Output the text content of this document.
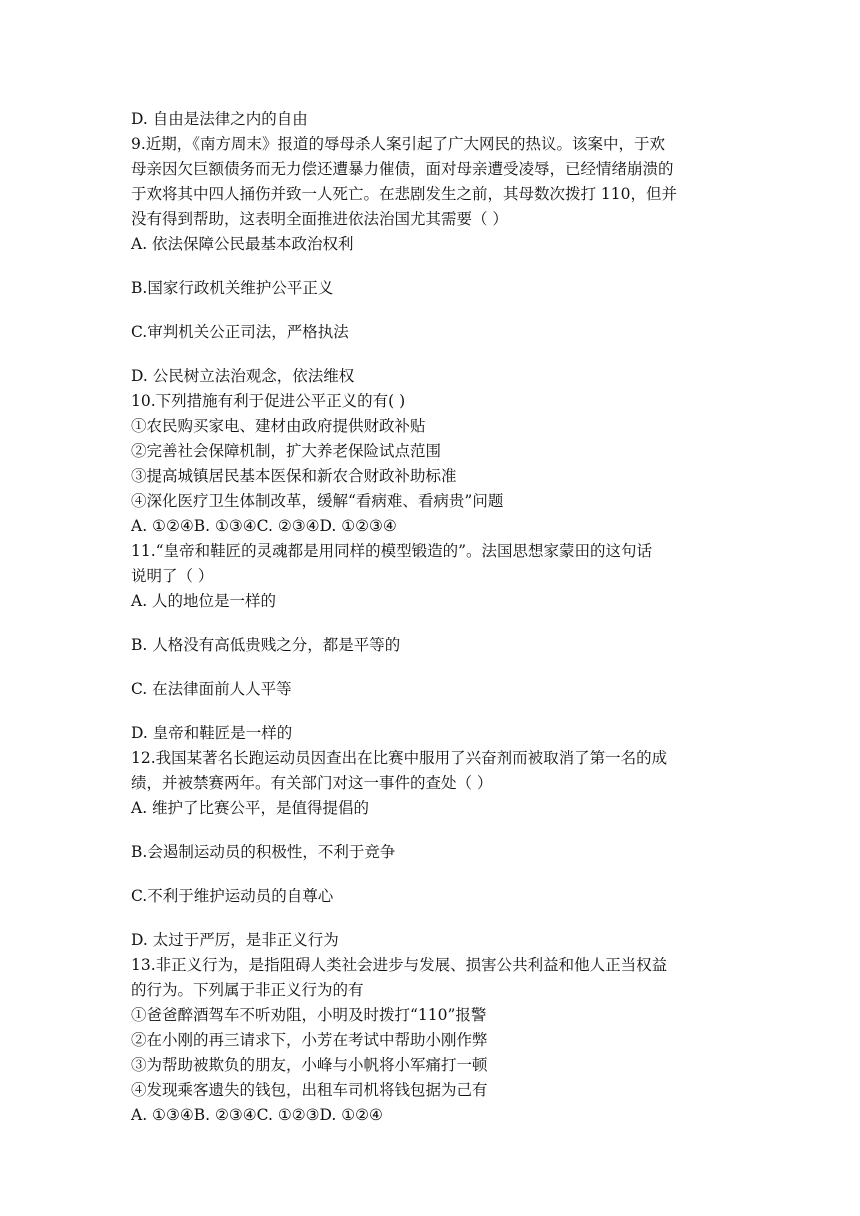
D. 自由是法律之内的自由
9.近期，《南方周末》报道的辱母杀人案引起了广大网民的热议。该案中，于欢
母亲因欠巨额债务而无力偿还遭暴力催债，面对母亲遭受凌辱，已经情绪崩溃的
于欢将其中四人捅伤并致一人死亡。在悲剧发生之前，其母数次拨打 110，但并
没有得到帮助，这表明全面推进依法治国尤其需要（ ）
A. 依法保障公民最基本政治权利
B.国家行政机关维护公平正义
C.审判机关公正司法，严格执法
D. 公民树立法治观念，依法维权
10.下列措施有利于促进公平正义的有( )
①农民购买家电、建材由政府提供财政补贴
②完善社会保障机制，扩大养老保险试点范围
③提高城镇居民基本医保和新农合财政补助标准
④深化医疗卫生体制改革，缓解“看病难、看病贵”问题
A. ①②④B. ①③④C. ②③④D. ①②③④
11.“皇帝和鞋匠的灵魂都是用同样的模型锻造的”。法国思想家蒙田的这句话
说明了（ ）
A. 人的地位是一样的
B. 人格没有高低贵贱之分，都是平等的
C. 在法律面前人人平等
D. 皇帝和鞋匠是一样的
12.我国某著名长跑运动员因查出在比赛中服用了兴奋剂而被取消了第一名的成
绩，并被禁赛两年。有关部门对这一事件的查处（ ）
A. 维护了比赛公平，是值得提倡的
B.会遏制运动员的积极性，不利于竞争
C.不利于维护运动员的自尊心
D. 太过于严厉，是非正义行为
13.非正义行为，是指阻碍人类社会进步与发展、损害公共利益和他人正当权益
的行为。下列属于非正义行为的有
①爸爸醉酒驾车不听劝阻，小明及时拨打“110”报警
②在小刚的再三请求下，小芳在考试中帮助小刚作弊
③为帮助被欺负的朋友，小峰与小帆将小军痛打一顿
④发现乘客遗失的钱包，出租车司机将钱包据为己有
A. ①③④B. ②③④C. ①②③D. ①②④
